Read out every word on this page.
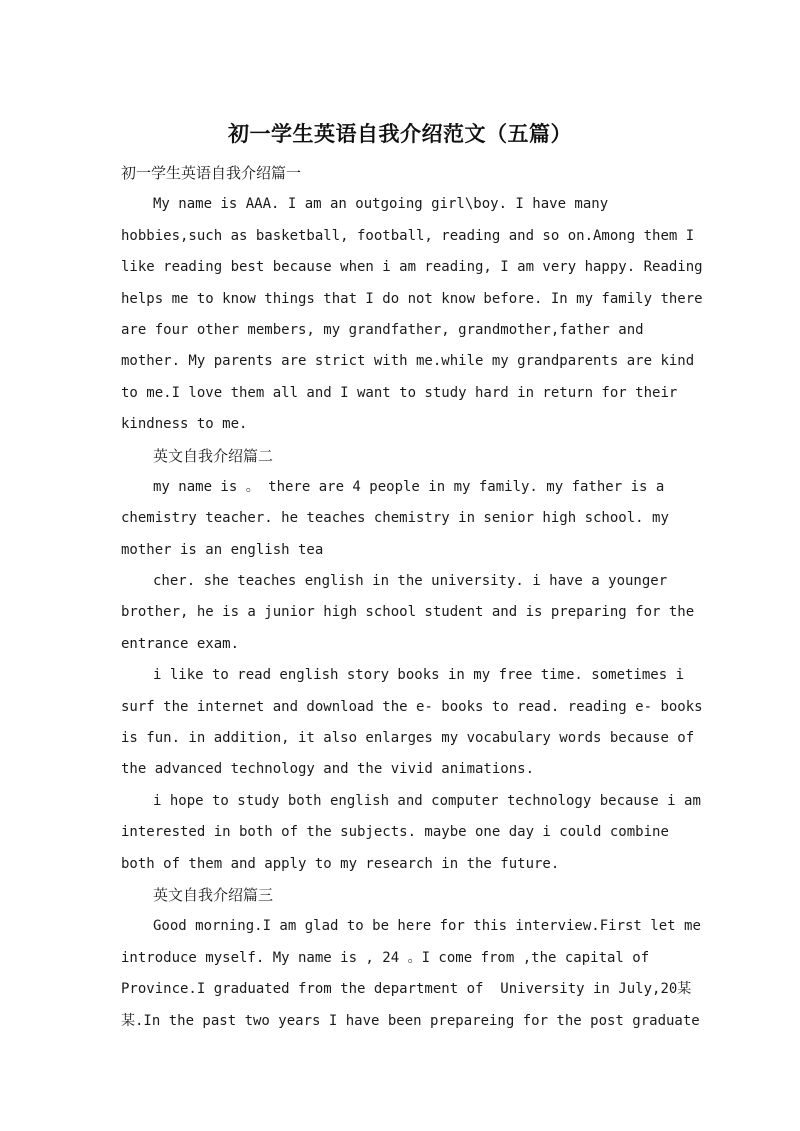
初一学生英语自我介绍范文（五篇）
初一学生英语自我介绍篇一
My name is AAA. I am an outgoing girl\boy. I have many
hobbies,such as basketball, football, reading and so on.Among them I
like reading best because when i am reading, I am very happy. Reading
helps me to know things that I do not know before. In my family there
are four other members, my grandfather, grandmother,father and
mother. My parents are strict with me.while my grandparents are kind
to me.I love them all and I want to study hard in return for their
kindness to me.
英文自我介绍篇二
my name is 。 there are 4 people in my family. my father is a
chemistry teacher. he teaches chemistry in senior high school. my
mother is an english tea
cher. she teaches english in the university. i have a younger
brother, he is a junior high school student and is preparing for the
entrance exam.
i like to read english story books in my free time. sometimes i
surf the internet and download the e- books to read. reading e- books
is fun. in addition, it also enlarges my vocabulary words because of
the advanced technology and the vivid animations.
i hope to study both english and computer technology because i am
interested in both of the subjects. maybe one day i could combine
both of them and apply to my research in the future.
英文自我介绍篇三
Good morning.I am glad to be here for this interview.First let me
introduce myself. My name is , 24 。I come from ,the capital of
Province.I graduated from the department of  University in July,20某
某.In the past two years I have been prepareing for the post graduate
